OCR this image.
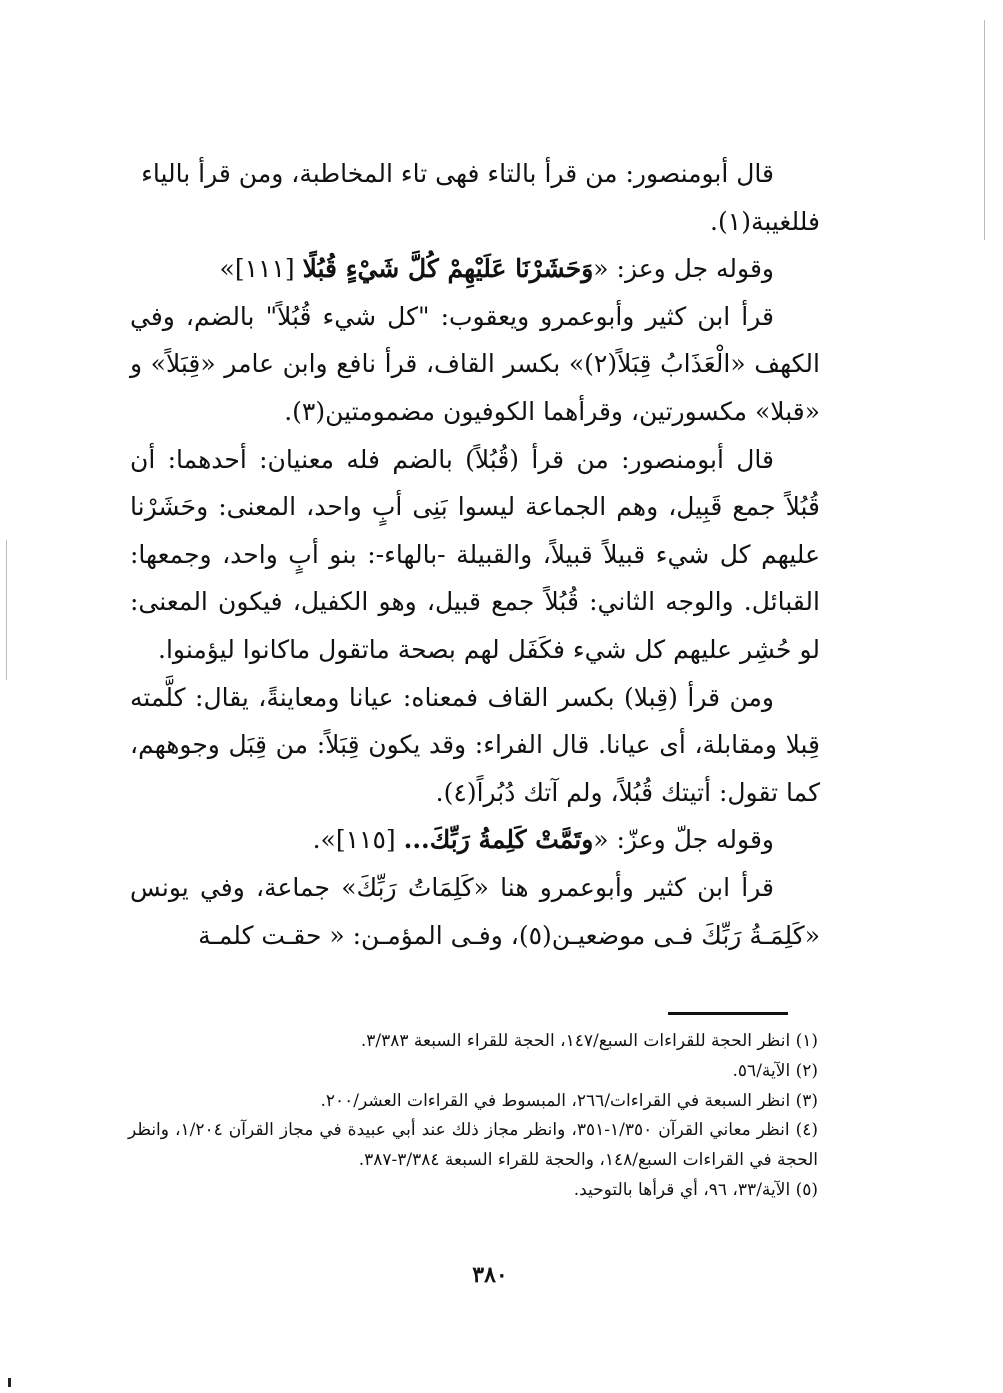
قال أبومنصور: من قرأ بالتاء فهى تاء المخاطبة، ومن قرأ بالياء

فللغيبة(١).

وقوله جل وعز: «وَحَشَرْنَا عَلَيْهِمْ كُلَّ شَيْءٍ قُبُلًا [١١١]»

قرأ ابن كثير وأبوعمرو ويعقوب: "كل شيء قُبُلاً" بالضم، وفي الكهف «الْعَذَابُ قِبَلاً(٢)» بكسر القاف، قرأ نافع وابن عامر «قِبَلاً» و «قبلا» مكسورتين، وقرأهما الكوفيون مضمومتين(٣).

قال أبومنصور: من قرأ (قُبُلاً) بالضم فله معنيان: أحدهما: أن قُبُلاً جمع قَبِيل، وهم الجماعة ليسوا بَنِى أبٍ واحد، المعنى: وحَشَرْنا عليهم كل شيء قبيلاً قبيلاً، والقبيلة -بالهاء-: بنو أبٍ واحد، وجمعها: القبائل. والوجه الثاني: قُبُلاً جمع قبيل، وهو الكفيل، فيكون المعنى: لو حُشِر عليهم كل شيء فكَفَل لهم بصحة ماتقول ماكانوا ليؤمنوا.

ومن قرأ (قِبلا) بكسر القاف فمعناه: عيانا ومعاينةً، يقال: كلَّمته قِبلا ومقابلة، أى عيانا. قال الفراء: وقد يكون قِبَلاً: من قِبَل وجوههم، كما تقول: أتيتك قُبُلاً، ولم آتك دُبُراً(٤).

وقوله جلّ وعزّ: «وتَمَّتْ كَلِمةُ رَبِّكَ... [١١٥]».

قرأ ابن كثير وأبوعمرو هنا «كَلِمَاتُ رَبِّكَ» جماعة، وفي يونس «كَلِمَـةُ رَبِّكَ فـى موضعيـن(٥)، وفـى المؤمـن: « حقـت كلمـة

(١) انظر الحجة للقراءات السبع/١٤٧، الحجة للقراء السبعة ٣/٣٨٣.

(٢) الآية/٥٦.

(٣) انظر السبعة في القراءات/٢٦٦، المبسوط في القراءات العشر/٢٠٠.

(٤) انظر معاني القرآن ١/٣٥٠-٣٥١، وانظر مجاز ذلك عند أبي عبيدة في مجاز القرآن ١/٢٠٤، وانظر الحجة في القراءات السبع/١٤٨، والحجة للقراء السبعة ٣/٣٨٤-٣٨٧.

(٥) الآية/٣٣، ٩٦، أي قرأها بالتوحيد.

٣٨٠
